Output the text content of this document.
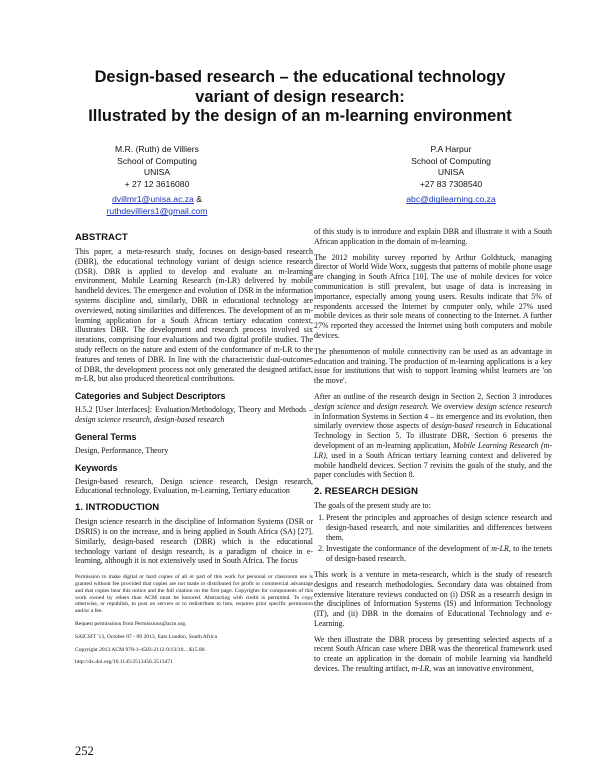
Design-based research – the educational technology
variant of design research:
Illustrated by the design of an m-learning environment
M.R. (Ruth) de Villiers
School of Computing
UNISA
+ 27 12 3616080
dvillmr1@unisa.ac.za &
ruthdevilliers1@gmail.com
P.A Harpur
School of Computing
UNISA
+27 83 7308540
abc@digilearning.co.za
ABSTRACT

This paper, a meta-research study, focuses on design-based research (DBR), the educational technology variant of design science research (DSR). DBR is applied to develop and evaluate an m-learning environment, Mobile Learning Research (m-LR) delivered by mobile handheld devices. The emergence and evolution of DSR in the information systems discipline and, similarly, DBR in educational technology are overviewed, noting similarities and differences. The development of an m-learning application for a South African tertiary education context, illustrates DBR. The development and research process involved six iterations, comprising four evaluations and two digital profile studies. The study reflects on the nature and extent of the conformance of m-LR to the features and tenets of DBR. In line with the characteristic dual-outcomes of DBR, the development process not only generated the designed artifact, m-LR, but also produced theoretical contributions.

Categories and Subject Descriptors

H.5.2 [User Interfaces]: Evaluation/Methodology, Theory and Methods – design science research, design-based research

General Terms

Design, Performance, Theory

Keywords

Design-based research, Design science research, Design research, Educational technology, Evaluation, m-Learning, Tertiary education

1. INTRODUCTION

Design science research in the discipline of Information Systems (DSR or DSRIS) is on the increase, and is being applied in South Africa (SA) [27]. Similarly, design-based research (DBR) which is the educational technology variant of design research, is a paradigm of choice in e-learning, although it is not extensively used in South Africa. The focus

Permission to make digital or hard copies of all or part of this work for personal or classroom use is granted without fee provided that copies are not made or distributed for profit or commercial advantage and that copies bear this notice and the full citation on the first page. Copyrights for components of this work owned by others than ACM must be honored. Abstracting with credit is permitted. To copy otherwise, or republish, to post on servers or to redistribute to lists, requires prior specific permission and/or a fee.

Request permissions from Permissions@acm.org.

SAICSIT '13, October 07 - 09 2013, East London, South Africa

Copyright 2013 ACM 978-1-4503-2112-9/13/10…$15.00.

http://dx.doi.org/10.1145/2513456.2513471

of this study is to introduce and explain DBR and illustrate it with a South African application in the domain of m-learning.

The 2012 mobility survey reported by Arthur Goldstuck, managing director of World Wide Worx, suggests that patterns of mobile phone usage are changing in South Africa [10]. The use of mobile devices for voice communication is still prevalent, but usage of data is increasing in importance, especially among young users. Results indicate that 5% of respondents accessed the Internet by computer only, while 27% used mobile devices as their sole means of connecting to the Internet. A further 27% reported they accessed the Internet using both computers and mobile devices.

The phenomenon of mobile connectivity can be used as an advantage in education and training. The production of m-learning applications is a key issue for institutions that wish to support learning whilst learners are 'on the move'.

After an outline of the research design in Section 2, Section 3 introduces design science and design research. We overview design science research in Information Systems in Section 4 – its emergence and its evolution, then similarly overview those aspects of design-based research in Educational Technology in Section 5. To illustrate DBR, Section 6 presents the development of an m-learning application, Mobile Learning Research (m-LR), used in a South African tertiary learning context and delivered by mobile handheld devices. Section 7 revisits the goals of the study, and the paper concludes with Section 8.

2. RESEARCH DESIGN

The goals of the present study are to:

1. Present the principles and approaches of design science research and design-based research, and note similarities and differences between them.
2. Investigate the conformance of the development of m-LR, to the tenets of design-based research.

This work is a venture in meta-research, which is the study of research designs and research methodologies. Secondary data was obtained from extensive literature reviews conducted on (i) DSR as a research design in the disciplines of Information Systems (IS) and Information Technology (IT), and (ii) DBR in the domains of Educational Technology and e-Learning.

We then illustrate the DBR process by presenting selected aspects of a recent South African case where DBR was the theoretical framework used to create an application in the domain of mobile learning via handheld devices. The resulting artifact, m-LR, was an innovative environment,

252
